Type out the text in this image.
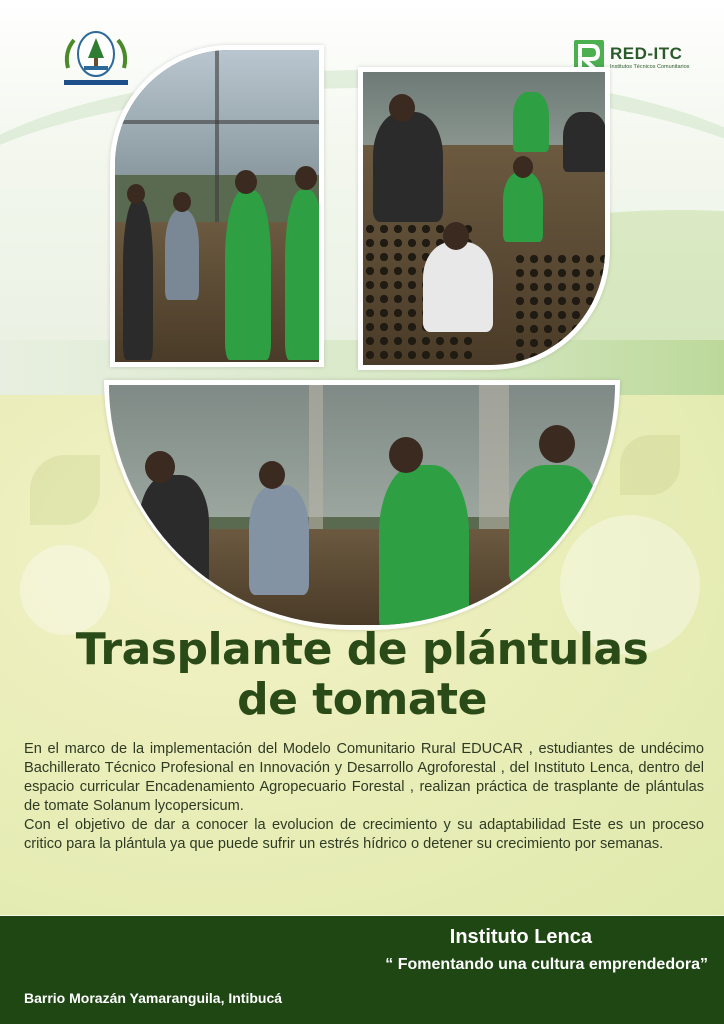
RED-ITC
Institutos Técnicos Comunitarios
Trasplante de plántulas
de tomate

En el marco de la implementación del Modelo Comunitario Rural EDUCAR , estudiantes de undécimo Bachillerato Técnico Profesional en Innovación y Desarrollo Agroforestal , del Instituto Lenca, dentro del espacio curricular Encadenamiento Agropecuario Forestal , realizan práctica de trasplante de plántulas de tomate Solanum lycopersicum.

Con el objetivo de dar a conocer la evolucion de crecimiento y su adaptabilidad Este es un proceso critico para la plántula ya que puede sufrir un estrés hídrico o detener su crecimiento por semanas.

Instituto Lenca
“ Fomentando una cultura emprendedora”
Barrio Morazán Yamaranguila, Intibucá
